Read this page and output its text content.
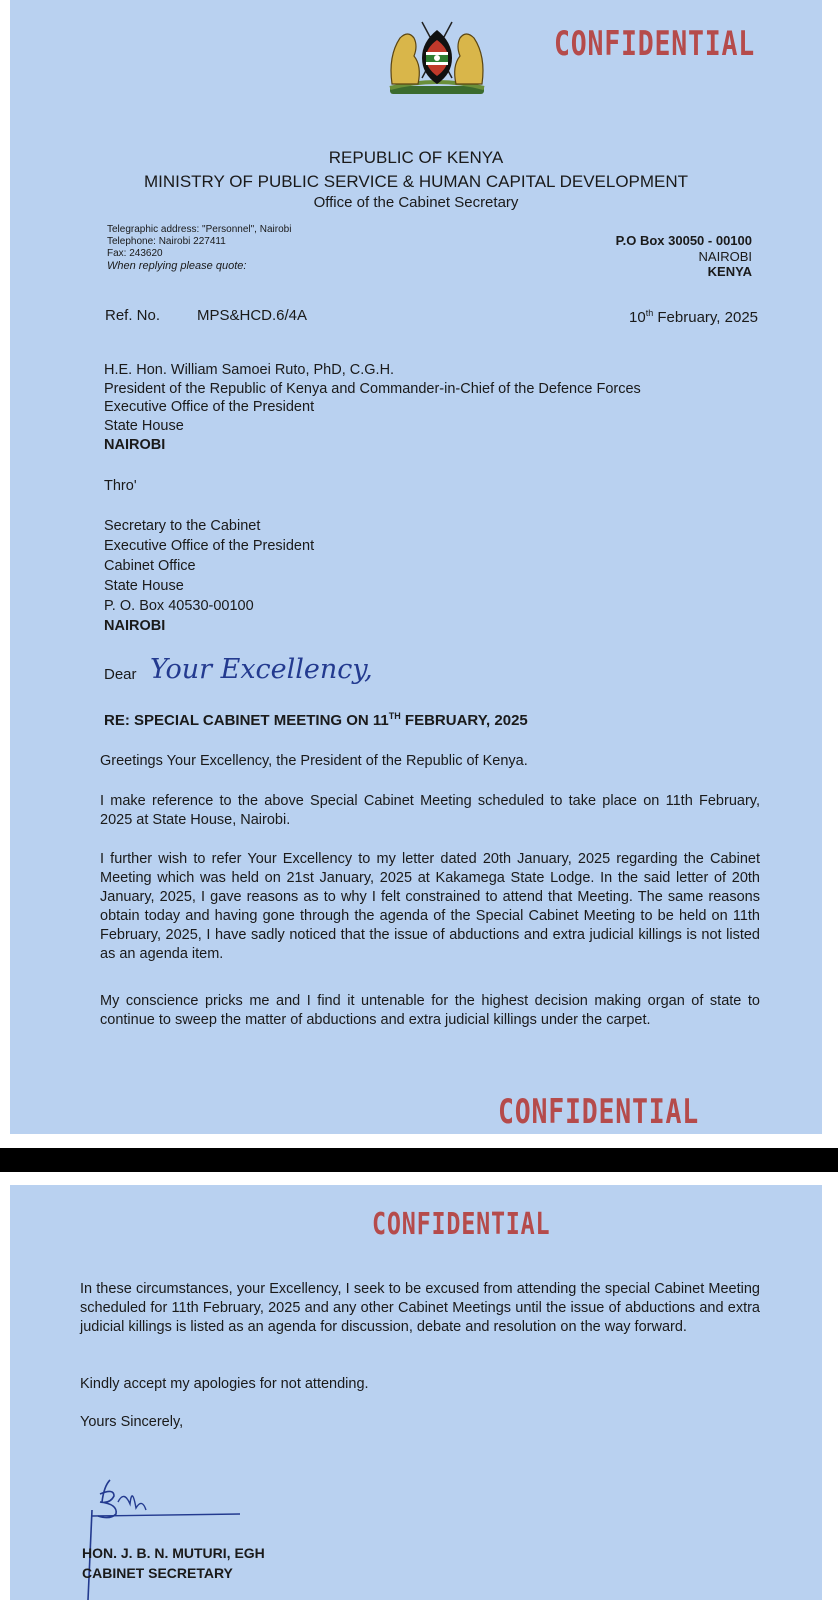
CONFIDENTIAL
REPUBLIC OF KENYA
MINISTRY OF PUBLIC SERVICE & HUMAN CAPITAL DEVELOPMENT
Office of the Cabinet Secretary
Telegraphic address: "Personnel", Nairobi
Telephone: Nairobi 227411
Fax: 243620
When replying please quote:
P.O Box 30050 - 00100
NAIROBI
KENYA
Ref. No. MPS&HCD.6/4A	10th February, 2025
H.E. Hon. William Samoei Ruto, PhD, C.G.H.
President of the Republic of Kenya and Commander-in-Chief of the Defence Forces
Executive Office of the President
State House
NAIROBI
Thro'
Secretary to the Cabinet
Executive Office of the President
Cabinet Office
State House
P. O. Box 40530-00100
NAIROBI
Dear Your Excellency,
RE: SPECIAL CABINET MEETING ON 11TH FEBRUARY, 2025
Greetings Your Excellency, the President of the Republic of Kenya.
I make reference to the above Special Cabinet Meeting scheduled to take place on 11th February, 2025 at State House, Nairobi.
I further wish to refer Your Excellency to my letter dated 20th January, 2025 regarding the Cabinet Meeting which was held on 21st January, 2025 at Kakamega State Lodge. In the said letter of 20th January, 2025, I gave reasons as to why I felt constrained to attend that Meeting. The same reasons obtain today and having gone through the agenda of the Special Cabinet Meeting to be held on 11th February, 2025, I have sadly noticed that the issue of abductions and extra judicial killings is not listed as an agenda item.
My conscience pricks me and I find it untenable for the highest decision making organ of state to continue to sweep the matter of abductions and extra judicial killings under the carpet.
CONFIDENTIAL
CONFIDENTIAL
In these circumstances, your Excellency, I seek to be excused from attending the special Cabinet Meeting scheduled for 11th February, 2025 and any other Cabinet Meetings until the issue of abductions and extra judicial killings is listed as an agenda for discussion, debate and resolution on the way forward.
Kindly accept my apologies for not attending.
Yours Sincerely,
HON. J. B. N. MUTURI, EGH
CABINET SECRETARY
